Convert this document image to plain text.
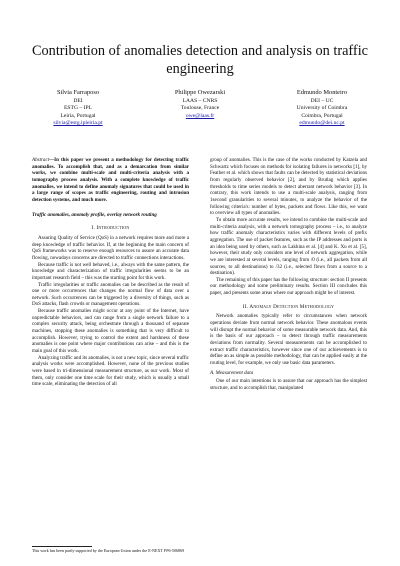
Contribution of anomalies detection and analysis on traffic engineering
Silvia Farraposo
DEI
ESTG – IPL
Leiria, Portugal
silvia@estg.ipleiria.pt
Philippe Owezarski
LAAS – CNRS
Toulouse, France
owe@laas.fr
Edmundo Monteiro
DEI – UC
University of Coimbra
Coimbra, Portugal
edmundo@dei.uc.pt

Abstract—In this paper we present a methodology for detecting traffic anomalies. To accomplish that, and as a demarcation from similar works, we combine multi-scale and multi-criteria analysis with a tomography process analysis. With a complete knowledge of traffic anomalies, we intend to define anomaly signatures that could be used in a large range of scopes as traffic engineering, routing and intrusion detection systems, and much more.

Traffic anomalies, anomaly profile, overlay network routing

I. Introduction

Assuring Quality of Service (QoS) in a network requires more and more a deep knowledge of traffic behavior. If, at the beginning the main concern of QoS frameworks was to reserve enough resources to assure an accurate data flowing, nowadays concerns are directed to traffic connections interactions.

Because traffic is not well behaved, i.e., always with the same pattern, the knowledge and characterization of traffic irregularities seems to be an important research field – this was the starting point for this work.

Traffic irregularities or traffic anomalies can be described as the result of one or more occurrences that changes the normal flow of data over a network. Such occurrences can be triggered by a diversity of things, such as DoS attacks, flash crowds or management operations.

Because traffic anomalies might occur at any point of the Internet, have unpredictable behaviors, and can range from a single network failure to a complex security attack, being orchestrate through a thousand of separate machines, stopping these anomalies is something that is very difficult to accomplish. However, trying to control the extent and harshness of these anomalies is one point where major contributions can arise – and this is the main goal of this work.

Analyzing traffic and its anomalies, is not a new topic, since several traffic analysis works were accomplished. However, none of the previous studies were based in tri-dimensional measurement structure, as our work. Most of them, only consider one time scale for their study, which is usually a small time scale, eliminating the detection of all

group of anomalies. This is the case of the works conducted by Katzela and Schwartz which focuses on methods for isolating failures in networks [1], by Feather et al. which shows that faults can be detected by statistical deviations from regularly observed behavior [2], and by Brutlag which applies thresholds to time series models to detect aberrant network behavior [3]. In contrary, this work intends to use a multi-scale analysis, ranging from 1second granularities to several minutes, to analyze the behavior of the following criteria's: number of bytes, packets and flows. Like this, we want to overview all types of anomalies.

To obtain more accurate results, we intend to combine the multi-scale and multi-criteria analysis, with a network tomography process – i.e., to analyze how traffic anomaly characteristics varies with different levels of prefix aggregation. The use of packet features, such as the IP addresses and ports is an idea being used by others, such as Lakhina et al. [4] and K. Xu et al. [5], however, their study only considers one level of network aggregation, while we are interested at several levels, ranging from /0 (i.e., all packets from all sources, to all destinations) to /32 (i.e., selected flows from a source to a destination).

The remaining of this paper has the following structure: section II presents our methodology and some preliminary results. Section III concludes this paper, and presents some areas where our approach might be of interest.

II. Anomaly Detection Methodology

Network anomalies typically refer to circumstances when network operations deviate from normal network behavior. These anomalous events will disrupt the normal behavior of some measurable network data. And, this is the basis of our approach – to detect through traffic measurements deviations from normality. Several measurements can be accomplished to extract traffic characteristics, however since one of our achievements is to define an as simple as possible methodology, that can be applied easily at the routing level, for example, we only use basic data parameters.

A. Measurement data

One of our main intentions is to assure that our approach has the simplest structure, and to accomplish that, manipulated

This work has been partly supported by the European Union under the E-NEXT FP6-506869
